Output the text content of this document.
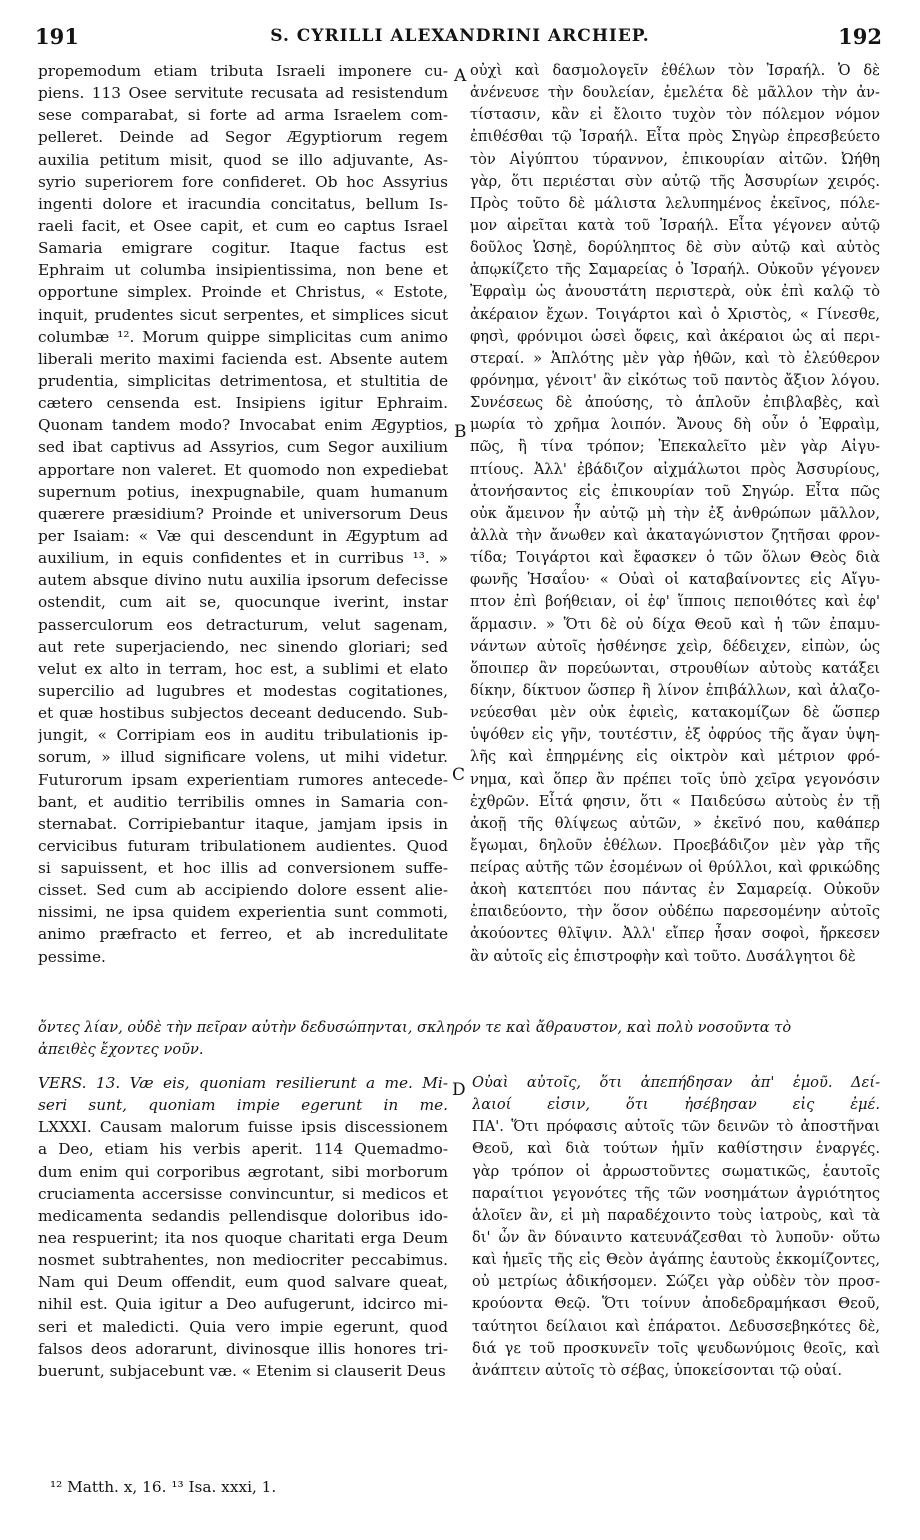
191	S. CYRILLI ALEXANDRINI ARCHIEP.	192
A
B
C
D
propemodum etiam tributa Israeli imponere cu-
piens. 113 Osee servitute recusata ad resistendum
sese comparabat, si forte ad arma Israelem com-
pelleret. Deinde ad Segor Ægyptiorum regem
auxilia petitum misit, quod se illo adjuvante, As-
syrio superiorem fore confideret. Ob hoc Assyrius
ingenti dolore et iracundia concitatus, bellum Is-
raeli facit, et Osee capit, et cum eo captus Israel
Samaria emigrare cogitur. Itaque factus est
Ephraim ut columba insipientissima, non bene et
opportune simplex. Proinde et Christus, « Estote,
inquit, prudentes sicut serpentes, et simplices sicut
columbæ ¹². Morum quippe simplicitas cum animo
liberali merito maximi facienda est. Absente autem
prudentia, simplicitas detrimentosa, et stultitia de
cætero censenda est. Insipiens igitur Ephraim.
Quonam tandem modo? Invocabat enim Ægyptios,
sed ibat captivus ad Assyrios, cum Segor auxilium
apportare non valeret. Et quomodo non expediebat
supernum potius, inexpugnabile, quam humanum
quærere præsidium? Proinde et universorum Deus
per Isaiam: « Væ qui descendunt in Ægyptum ad
auxilium, in equis confidentes et in curribus ¹³. »
autem absque divino nutu auxilia ipsorum defecisse
ostendit, cum ait se, quocunque iverint, instar
passerculorum eos detracturum, velut sagenam,
aut rete superjaciendo, nec sinendo gloriari; sed
velut ex alto in terram, hoc est, a sublimi et elato
supercilio ad lugubres et modestas cogitationes,
et quæ hostibus subjectos deceant deducendo. Sub-
jungit, « Corripiam eos in auditu tribulationis ip-
sorum, » illud significare volens, ut mihi videtur.
Futurorum ipsam experientiam rumores antecede-
bant, et auditio terribilis omnes in Samaria con-
sternabat. Corripiebantur itaque, jamjam ipsis in
cervicibus futuram tribulationem audientes. Quod
si sapuissent, et hoc illis ad conversionem suffe-
cisset. Sed cum ab accipiendo dolore essent alie-
nissimi, ne ipsa quidem experientia sunt commoti,
animo præfracto et ferreo, et ab incredulitate
pessime.
οὐχὶ καὶ δασμολογεῖν ἐθέλων τὸν Ἰσραήλ. Ὁ δὲ
ἀνένευσε τὴν δουλείαν, ἐμελέτα δὲ μᾶλλον τὴν ἀν-
τίστασιν, κἂν εἰ ἔλοιτο τυχὸν τὸν πόλεμον νόμον
ἐπιθέσθαι τῷ Ἰσραήλ. Εἶτα πρὸς Σηγὼρ ἐπρεσβεύετο
τὸν Αἰγύπτου τύραννον, ἐπικουρίαν αἰτῶν. Ὠήθη
γὰρ, ὅτι περιέσται σὺν αὐτῷ τῆς Ἀσσυρίων χειρός.
Πρὸς τοῦτο δὲ μάλιστα λελυπημένος ἐκεῖνος, πόλε-
μον αἱρεῖται κατὰ τοῦ Ἰσραήλ. Εἶτα γέγονεν αὐτῷ
δοῦλος Ὡσηὲ, δορύληπτος δὲ σὺν αὐτῷ καὶ αὐτὸς
ἀπῳκίζετο τῆς Σαμαρείας ὁ Ἰσραήλ. Οὐκοῦν γέγονεν
Ἐφραὶμ ὡς ἀνουστάτη περιστερὰ, οὐκ ἐπὶ καλῷ τὸ
ἀκέραιον ἔχων. Τοιγάρτοι καὶ ὁ Χριστὸς, « Γίνεσθε,
φησὶ, φρόνιμοι ὡσεὶ ὄφεις, καὶ ἀκέραιοι ὡς αἱ περι-
στεραί. » Ἁπλότης μὲν γὰρ ἠθῶν, καὶ τὸ ἐλεύθερον
φρόνημα, γένοιτ' ἂν εἰκότως τοῦ παντὸς ἄξιον λόγου.
Συνέσεως δὲ ἀπούσης, τὸ ἁπλοῦν ἐπιβλαβὲς, καὶ
μωρία τὸ χρῆμα λοιπόν. Ἄνους δὴ οὖν ὁ Ἐφραὶμ,
πῶς, ἢ τίνα τρόπον; Ἐπεκαλεῖτο μὲν γὰρ Αἰγυ-
πτίους. Ἀλλ' ἐβάδιζον αἰχμάλωτοι πρὸς Ἀσσυρίους,
ἀτονήσαντος εἰς ἐπικουρίαν τοῦ Σηγώρ. Εἶτα πῶς
οὐκ ἄμεινον ἦν αὐτῷ μὴ τὴν ἐξ ἀνθρώπων μᾶλλον,
ἀλλὰ τὴν ἄνωθεν καὶ ἀκαταγώνιστον ζητῆσαι φρον-
τίδα; Τοιγάρτοι καὶ ἔφασκεν ὁ τῶν ὅλων Θεὸς διὰ
φωνῆς Ἡσαΐου· « Οὐαὶ οἱ καταβαίνοντες εἰς Αἴγυ-
πτον ἐπὶ βοήθειαν, οἱ ἐφ' ἵπποις πεποιθότες καὶ ἐφ'
ἅρμασιν. » Ὅτι δὲ οὐ δίχα Θεοῦ καὶ ἡ τῶν ἐπαμυ-
νάντων αὐτοῖς ἠσθένησε χεὶρ, δέδειχεν, εἰπὼν, ὡς
ὅποιπερ ἂν πορεύωνται, στρουθίων αὐτοὺς κατάξει
δίκην, δίκτυον ὥσπερ ἢ λίνον ἐπιβάλλων, καὶ ἀλαζο-
νεύεσθαι μὲν οὐκ ἐφιεὶς, κατακομίζων δὲ ὥσπερ
ὑψόθεν εἰς γῆν, τουτέστιν, ἐξ ὀφρύος τῆς ἄγαν ὑψη-
λῆς καὶ ἐπηρμένης εἰς οἰκτρὸν καὶ μέτριον φρό-
νημα, καὶ ὅπερ ἂν πρέπει τοῖς ὑπὸ χεῖρα γεγονόσιν
ἐχθρῶν. Εἶτά φησιν, ὅτι « Παιδεύσω αὐτοὺς ἐν τῇ
ἀκοῇ τῆς θλίψεως αὐτῶν, » ἐκεῖνό που, καθάπερ
ἔγωμαι, δηλοῦν ἐθέλων. Προεβάδιζον μὲν γὰρ τῆς
πείρας αὐτῆς τῶν ἐσομένων οἱ θρύλλοι, καὶ φρικώδης
ἀκοὴ κατεπτόει που πάντας ἐν Σαμαρείᾳ. Οὐκοῦν
ἐπαιδεύοντο, τὴν ὅσον οὐδέπω παρεσομένην αὐτοῖς
ἀκούοντες θλῖψιν. Ἀλλ' εἴπερ ἦσαν σοφοὶ, ἤρκεσεν
ἂν αὐτοῖς εἰς ἐπιστροφὴν καὶ τοῦτο. Δυσάλγητοι δὲ
ὄντες λίαν, οὐδὲ τὴν πεῖραν αὐτὴν δεδυσώπηνται, σκληρόν τε καὶ ἄθραυστον, καὶ πολὺ νοσοῦντα τὸ
ἀπειθὲς ἔχοντες νοῦν.
VERS. 13. Væ eis, quoniam resilierunt a me. Mi-
seri sunt, quoniam impie egerunt in me.
LXXXI. Causam malorum fuisse ipsis discessionem
a Deo, etiam his verbis aperit. 114 Quemadmo-
dum enim qui corporibus ægrotant, sibi morborum
cruciamenta accersisse convincuntur, si medicos et
medicamenta sedandis pellendisque doloribus ido-
nea respuerint; ita nos quoque charitati erga Deum
nosmet subtrahentes, non mediocriter peccabimus.
Nam qui Deum offendit, eum quod salvare queat,
nihil est. Quia igitur a Deo aufugerunt, idcirco mi-
seri et maledicti. Quia vero impie egerunt, quod
falsos deos adorarunt, divinosque illis honores tri-
buerunt, subjacebunt væ. « Etenim si clauserit Deus
Οὐαὶ αὐτοῖς, ὅτι ἀπεπήδησαν ἀπ' ἐμοῦ. Δεί-
λαιοί εἰσιν, ὅτι ἠσέβησαν εἰς ἐμέ.
ΠΑ'. Ὅτι πρόφασις αὐτοῖς τῶν δεινῶν τὸ ἀποστῆναι
Θεοῦ, καὶ διὰ τούτων ἡμῖν καθίστησιν ἐναργές.
γὰρ τρόπον οἱ ἀρρωστοῦντες σωματικῶς, ἑαυτοῖς
παραίτιοι γεγονότες τῆς τῶν νοσημάτων ἀγριότητος
ἁλοῖεν ἂν, εἰ μὴ παραδέχοιντο τοὺς ἰατροὺς, καὶ τὰ
δι' ὧν ἂν δύναιντο κατευνάζεσθαι τὸ λυποῦν· οὕτω
καὶ ἡμεῖς τῆς εἰς Θεὸν ἀγάπης ἑαυτοὺς ἐκκομίζοντες,
οὐ μετρίως ἀδικήσομεν. Σώζει γὰρ οὐδὲν τὸν προσ-
κρούοντα Θεῷ. Ὅτι τοίνυν ἀποδεδραμήκασι Θεοῦ,
ταύτητοι δείλαιοι καὶ ἐπάρατοι. Δεδυσσεβηκότες δὲ,
διά γε τοῦ προσκυνεῖν τοῖς ψευδωνύμοις θεοῖς, καὶ
ἀνάπτειν αὐτοῖς τὸ σέβας, ὑποκείσονται τῷ οὐαί.
¹² Matth. x, 16. ¹³ Isa. xxxi, 1.
